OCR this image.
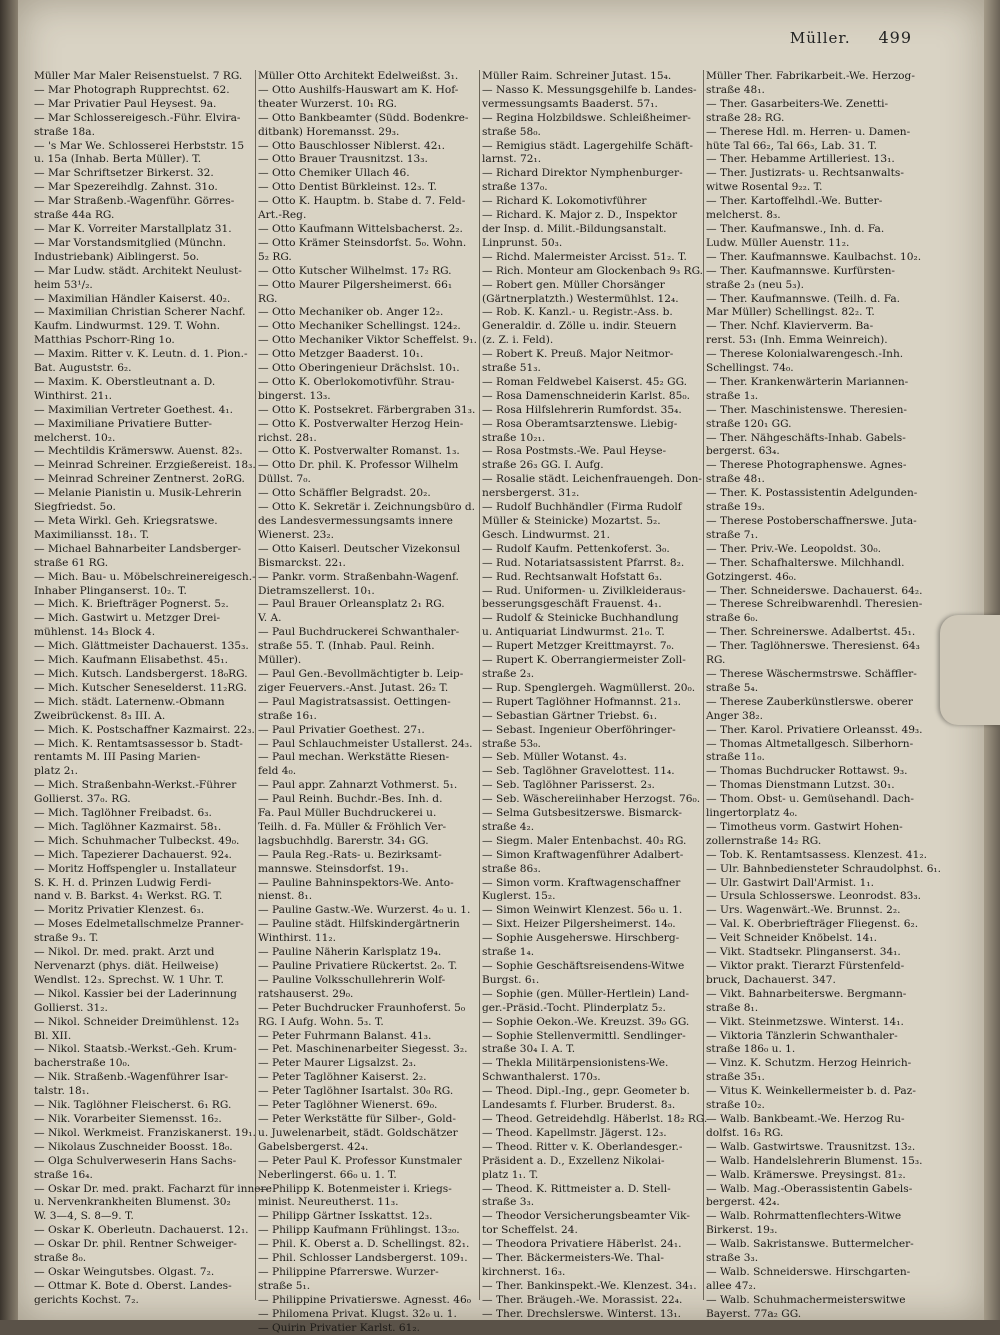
Müller. 499

Müller Mar Maler Reisenstuelst. 7 RG.

— Mar Photograph Rupprechtst. 62.

— Mar Privatier Paul Heysest. 9a.

— Mar Schlossereigesch.-Führ. Elvira-

straße 18a.

— 's Mar We. Schlosserei Herbststr. 15

u. 15a (Inhab. Berta Müller). T.

— Mar Schriftsetzer Birkerst. 32.

— Mar Spezereihdlg. Zahnst. 31o.

— Mar Straßenb.-Wagenführ. Görres-

straße 44a RG.

— Mar K. Vorreiter Marstallplatz 31.

— Mar Vorstandsmitglied (Münchn.

Industriebank) Aiblingerst. 5o.

— Mar Ludw. städt. Architekt Neulust-

heim 53¹/₂.

— Maximilian Händler Kaiserst. 40₂.

— Maximilian Christian Scherer Nachf.

Kaufm. Lindwurmst. 129. T. Wohn.

Matthias Pschorr-Ring 1o.

— Maxim. Ritter v. K. Leutn. d. 1. Pion.-

Bat. Auguststr. 6₂.

— Maxim. K. Oberstleutnant a. D.

Winthirst. 21₁.

— Maximilian Vertreter Goethest. 4₁.

— Maximiliane Privatiere Butter-

melcherst. 10₂.

— Mechtildis Krämersww. Auenst. 82₃.

— Meinrad Schreiner. Erzgießereist. 18₃.

— Meinrad Schreiner Zentnerst. 2oRG.

— Melanie Pianistin u. Musik-Lehrerin

Siegfriedst. 5o.

— Meta Wirkl. Geh. Kriegsratswe.

Maximiliansst. 18₁. T.

— Michael Bahnarbeiter Landsberger-

straße 61 RG.

— Mich. Bau- u. Möbelschreinereigesch.-

Inhaber Plinganserst. 10₂. T.

— Mich. K. Briefträger Pognerst. 5₂.

— Mich. Gastwirt u. Metzger Drei-

mühlenst. 14₃ Block 4.

— Mich. Glättmeister Dachauerst. 135₃.

— Mich. Kaufmann Elisabethst. 45₁.

— Mich. Kutsch. Landsbergerst. 18₀RG.

— Mich. Kutscher Seneselderst. 11₂RG.

— Mich. städt. Laternenw.-Obmann

Zweibrückenst. 8₃ III. A.

— Mich. K. Postschaffner Kazmairst. 22₃.

— Mich. K. Rentamtsassessor b. Stadt-

rentamts M. III Pasing Marien-

platz 2₁.

— Mich. Straßenbahn-Werkst.-Führer

Gollierst. 37₀. RG.

— Mich. Taglöhner Freibadst. 6₃.

— Mich. Taglöhner Kazmairst. 58₁.

— Mich. Schuhmacher Tulbeckst. 49₀.

— Mich. Tapezierer Dachauerst. 92₄.

— Moritz Hoffspengler u. Installateur

S. K. H. d. Prinzen Ludwig Ferdi-

nand v. B. Barkst. 4₁ Werkst. RG. T.

— Moritz Privatier Klenzest. 6₃.

— Moses Edelmetallschmelze Pranner-

straße 9₃. T.

— Nikol. Dr. med. prakt. Arzt und

Nervenarzt (phys. diät. Heilweise)

Wendlst. 12₃. Sprechst. W. 1 Uhr. T.

— Nikol. Kassier bei der Laderinnung

Gollierst. 31₂.

— Nikol. Schneider Dreimühlenst. 12₃

Bl. XII.

— Nikol. Staatsb.-Werkst.-Geh. Krum-

bacherstraße 10₀.

— Nik. Straßenb.-Wagenführer Isar-

talstr. 18₁.

— Nik. Taglöhner Fleischerst. 6₁ RG.

— Nik. Vorarbeiter Siemensst. 16₂.

— Nikol. Werkmeist. Franziskanerst. 19₁.

— Nikolaus Zuschneider Boosst. 18₀.

— Olga Schulverweserin Hans Sachs-

straße 16₄.

— Oskar Dr. med. prakt. Facharzt für innere

u. Nervenkrankheiten Blumenst. 30₂

W. 3—4, S. 8—9. T.

— Oskar K. Oberleutn. Dachauerst. 12₁.

— Oskar Dr. phil. Rentner Schweiger-

straße 8₀.

— Oskar Weingutsbes. Olgast. 7₂.

— Ottmar K. Bote d. Oberst. Landes-

gerichts Kochst. 7₂.

Müller Otto Architekt Edelweißst. 3₁.

— Otto Aushilfs-Hauswart am K. Hof-

theater Wurzerst. 10₁ RG.

— Otto Bankbeamter (Südd. Bodenkre-

ditbank) Horemansst. 29₃.

— Otto Bauschlosser Niblerst. 42₁.

— Otto Brauer Trausnitzst. 13₃.

— Otto Chemiker Ullach 46.

— Otto Dentist Bürkleinst. 12₃. T.

— Otto K. Hauptm. b. Stabe d. 7. Feld-

Art.-Reg.

— Otto Kaufmann Wittelsbacherst. 2₂.

— Otto Krämer Steinsdorfst. 5₀. Wohn.

5₂ RG.

— Otto Kutscher Wilhelmst. 17₂ RG.

— Otto Maurer Pilgersheimerst. 66₁

RG.

— Otto Mechaniker ob. Anger 12₂.

— Otto Mechaniker Schellingst. 124₂.

— Otto Mechaniker Viktor Scheffelst. 9₁.

— Otto Metzger Baaderst. 10₁.

— Otto Oberingenieur Drächslst. 10₁.

— Otto K. Oberlokomotivführ. Strau-

bingerst. 13₃.

— Otto K. Postsekret. Färbergraben 31₃.

— Otto K. Postverwalter Herzog Hein-

richst. 28₁.

— Otto K. Postverwalter Romanst. 1₃.

— Otto Dr. phil. K. Professor Wilhelm

Düllst. 7₀.

— Otto Schäffler Belgradst. 20₂.

— Otto K. Sekretär i. Zeichnungsbüro d.

des Landesvermessungsamts innere

Wienerst. 23₂.

— Otto Kaiserl. Deutscher Vizekonsul

Bismarckst. 22₁.

— Pankr. vorm. Straßenbahn-Wagenf.

Dietramszellerst. 10₁.

— Paul Brauer Orleansplatz 2₁ RG.

V. A.

— Paul Buchdruckerei Schwanthaler-

straße 55. T. (Inhab. Paul. Reinh.

Müller).

— Paul Gen.-Bevollmächtigter b. Leip-

ziger Feuervers.-Anst. Jutast. 26₂ T.

— Paul Magistratsassist. Oettingen-

straße 16₁.

— Paul Privatier Goethest. 27₁.

— Paul Schlauchmeister Ustallerst. 24₃.

— Paul mechan. Werkstätte Riesen-

feld 4₀.

— Paul appr. Zahnarzt Vothmerst. 5₁.

— Paul Reinh. Buchdr.-Bes. Inh. d.

Fa. Paul Müller Buchdruckerei u.

Teilh. d. Fa. Müller & Fröhlich Ver-

lagsbuchhdlg. Barerstr. 34₁ GG.

— Paula Reg.-Rats- u. Bezirksamt-

mannswe. Steinsdorfst. 19₁.

— Pauline Bahninspektors-We. Anto-

nienst. 8₁.

— Pauline Gastw.-We. Wurzerst. 4₀ u. 1.

— Pauline städt. Hilfskindergärtnerin

Winthirst. 11₂.

— Pauline Näherin Karlsplatz 19₄.

— Pauline Privatiere Rückertst. 2₀. T.

— Pauline Volksschullehrerin Wolf-

ratshauserst. 29₀.

— Peter Buchdrucker Fraunhoferst. 5₀

RG. I Aufg. Wohn. 5₃. T.

— Peter Fuhrmann Balanst. 41₃.

— Pet. Maschinenarbeiter Siegesst. 3₂.

— Peter Maurer Ligsalzst. 2₃.

— Peter Taglöhner Kaiserst. 2₂.

— Peter Taglöhner Isartalst. 30₀ RG.

— Peter Taglöhner Wienerst. 69₀.

— Peter Werkstätte für Silber-, Gold-

u. Juwelenarbeit, städt. Goldschätzer

Gabelsbergerst. 42₄.

— Peter Paul K. Professor Kunstmaler

Neberlingerst. 66₀ u. 1. T.

— Philipp K. Botenmeister i. Kriegs-

minist. Neureutherst. 11₃.

— Philipp Gärtner Isskattst. 12₃.

— Philipp Kaufmann Frühlingst. 13₂₀.

— Phil. K. Oberst a. D. Schellingst. 82₁.

— Phil. Schlosser Landsbergerst. 109₁.

— Philippine Pfarrerswe. Wurzer-

straße 5₁.

— Philippine Privatierswe. Agnesst. 46₀

— Philomena Privat. Klugst. 32₀ u. 1.

— Quirin Privatier Karlst. 61₂.

Müller Raim. Schreiner Jutast. 15₄.

— Nasso K. Messungsgehilfe b. Landes-

vermessungsamts Baaderst. 57₁.

— Regina Holzbildswe. Schleißheimer-

straße 58₀.

— Remigius städt. Lagergehilfe Schäft-

larnst. 72₁.

— Richard Direktor Nymphenburger-

straße 137₀.

— Richard K. Lokomotivführer

— Richard. K. Major z. D., Inspektor

der Insp. d. Milit.-Bildungsanstalt.

Linprunst. 50₃.

— Richd. Malermeister Arcisst. 51₂. T.

— Rich. Monteur am Glockenbach 9₃ RG.

— Robert gen. Müller Chorsänger

(Gärtnerplatzth.) Westermühlst. 12₄.

— Rob. K. Kanzl.- u. Registr.-Ass. b.

Generaldir. d. Zölle u. indir. Steuern

(z. Z. i. Feld).

— Robert K. Preuß. Major Neitmor-

straße 51₃.

— Roman Feldwebel Kaiserst. 45₂ GG.

— Rosa Damenschneiderin Karlst. 85₀.

— Rosa Hilfslehrerin Rumfordst. 35₄.

— Rosa Oberamtsarztenswe. Liebig-

straße 10₂₁.

— Rosa Postmsts.-We. Paul Heyse-

straße 26₃ GG. I. Aufg.

— Rosalie städt. Leichenfrauengeh. Don-

nersbergerst. 31₂.

— Rudolf Buchhändler (Firma Rudolf

Müller & Steinicke) Mozartst. 5₂.

Gesch. Lindwurmst. 21.

— Rudolf Kaufm. Pettenkoferst. 3₀.

— Rud. Notariatsassistent Pfarrst. 8₂.

— Rud. Rechtsanwalt Hofstatt 6₃.

— Rud. Uniformen- u. Zivilkleideraus-

besserungsgeschäft Frauenst. 4₁.

— Rudolf & Steinicke Buchhandlung

u. Antiquariat Lindwurmst. 21₀. T.

— Rupert Metzger Kreittmayrst. 7₀.

— Rupert K. Oberrangiermeister Zoll-

straße 2₃.

— Rup. Spenglergeh. Wagmüllerst. 20₀.

— Rupert Taglöhner Hofmannst. 21₃.

— Sebastian Gärtner Triebst. 6₁.

— Sebast. Ingenieur Oberföhringer-

straße 53₀.

— Seb. Müller Wotanst. 4₃.

— Seb. Taglöhner Gravelottest. 11₄.

— Seb. Taglöhner Parisserst. 2₃.

— Seb. Wäschereiinhaber Herzogst. 76₀.

— Selma Gutsbesitzerswe. Bismarck-

straße 4₂.

— Siegm. Maler Entenbachst. 40₃ RG.

— Simon Kraftwagenführer Adalbert-

straße 86₃.

— Simon vorm. Kraftwagenschaffner

Kuglerst. 15₂.

— Simon Weinwirt Klenzest. 56₀ u. 1.

— Sixt. Heizer Pilgersheimerst. 14₀.

— Sophie Ausgeherswe. Hirschberg-

straße 1₄.

— Sophie Geschäftsreisendens-Witwe

Burgst. 6₁.

— Sophie (gen. Müller-Hertlein) Land-

ger.-Präsid.-Tocht. Plinderplatz 5₂.

— Sophie Oekon.-We. Kreuzst. 39₀ GG.

— Sophie Stellenvermittl. Sendlinger-

straße 30₄ I. A. T.

— Thekla Militärpensionistens-We.

Schwanthalerst. 170₃.

— Theod. Dipl.-Ing., gepr. Geometer b.

Landesamts f. Flurber. Bruderst. 8₃.

— Theod. Getreidehdlg. Häberlst. 18₂ RG.

— Theod. Kapellmstr. Jägerst. 12₃.

— Theod. Ritter v. K. Oberlandesger.-

Präsident a. D., Exzellenz Nikolai-

platz 1₁. T.

— Theod. K. Rittmeister a. D. Stell-

straße 3₃.

— Theodor Versicherungsbeamter Vik-

tor Scheffelst. 24.

— Theodora Privatiere Häberlst. 24₁.

— Ther. Bäckermeisters-We. Thal-

kirchnerst. 16₃.

— Ther. Bankinspekt.-We. Klenzest. 34₁.

— Ther. Bräugeh.-We. Morassist. 22₄.

— Ther. Drechslerswe. Winterst. 13₁.

Müller Ther. Fabrikarbeit.-We. Herzog-

straße 48₁.

— Ther. Gasarbeiters-We. Zenetti-

straße 28₂ RG.

— Therese Hdl. m. Herren- u. Damen-

hüte Tal 66₂, Tal 66₃, Lab. 31. T.

— Ther. Hebamme Artilleriest. 13₁.

— Ther. Justizrats- u. Rechtsanwalts-

witwe Rosental 9₂₂. T.

— Ther. Kartoffelhdl.-We. Butter-

melcherst. 8₃.

— Ther. Kaufmanswe., Inh. d. Fa.

Ludw. Müller Auenstr. 11₂.

— Ther. Kaufmannswe. Kaulbachst. 10₂.

— Ther. Kaufmannswe. Kurfürsten-

straße 2₃ (neu 5₃).

— Ther. Kaufmannswe. (Teilh. d. Fa.

Mar Müller) Schellingst. 82₂. T.

— Ther. Nchf. Klavierverm. Ba-

rerst. 53₁ (Inh. Emma Weinreich).

— Therese Kolonialwarengesch.-Inh.

Schellingst. 74₀.

— Ther. Krankenwärterin Mariannen-

straße 1₃.

— Ther. Maschinistenswe. Theresien-

straße 120₁ GG.

— Ther. Nähgeschäfts-Inhab. Gabels-

bergerst. 63₄.

— Therese Photographenswe. Agnes-

straße 48₁.

— Ther. K. Postassistentin Adelgunden-

straße 19₃.

— Therese Postoberschaffnerswe. Juta-

straße 7₁.

— Ther. Priv.-We. Leopoldst. 30₀.

— Ther. Schafhalterswe. Milchhandl.

Gotzingerst. 46₀.

— Ther. Schneiderswe. Dachauerst. 64₂.

— Therese Schreibwarenhdl. Theresien-

straße 6₀.

— Ther. Schreinerswe. Adalbertst. 45₁.

— Ther. Taglöhnerswe. Theresienst. 64₃

RG.

— Therese Wäschermstrswe. Schäffler-

straße 5₄.

— Therese Zauberkünstlerswe. oberer

Anger 38₂.

— Ther. Karol. Privatiere Orleansst. 49₃.

— Thomas Altmetallgesch. Silberhorn-

straße 11₀.

— Thomas Buchdrucker Rottawst. 9₃.

— Thomas Dienstmann Lutzst. 30₁.

— Thom. Obst- u. Gemüsehandl. Dach-

lingertorplatz 4₀.

— Timotheus vorm. Gastwirt Hohen-

zollernstraße 14₂ RG.

— Tob. K. Rentamtsassess. Klenzest. 41₂.

— Ulr. Bahnbediensteter Schraudolphst. 6₁.

— Ulr. Gastwirt Dall'Armist. 1₁.

— Ursula Schlosserswe. Leonrodst. 83₃.

— Urs. Wagenwärt.-We. Brunnst. 2₂.

— Val. K. Oberbriefträger Fliegenst. 6₂.

— Veit Schneider Knöbelst. 14₁.

— Vikt. Stadtsekr. Plinganserst. 34₁.

— Viktor prakt. Tierarzt Fürstenfeld-

bruck, Dachauerst. 347.

— Vikt. Bahnarbeiterswe. Bergmann-

straße 8₁.

— Vikt. Steinmetzswe. Winterst. 14₁.

— Viktoria Tänzlerin Schwanthaler-

straße 186₀ u. 1.

— Vinz. K. Schutzm. Herzog Heinrich-

straße 35₁.

— Vitus K. Weinkellermeister b. d. Paz-

straße 10₂.

— Walb. Bankbeamt.-We. Herzog Ru-

dolfst. 16₃ RG.

— Walb. Gastwirtswe. Trausnitzst. 13₂.

— Walb. Handelslehrerin Blumenst. 15₃.

— Walb. Krämerswe. Preysingst. 81₂.

— Walb. Mag.-Oberassistentin Gabels-

bergerst. 42₄.

— Walb. Rohrmattenflechters-Witwe

Birkerst. 19₃.

— Walb. Sakristanswe. Buttermelcher-

straße 3₃.

— Walb. Schneiderswe. Hirschgarten-

allee 47₂.

— Walb. Schuhmachermeisterswitwe

Bayerst. 77a₂ GG.
